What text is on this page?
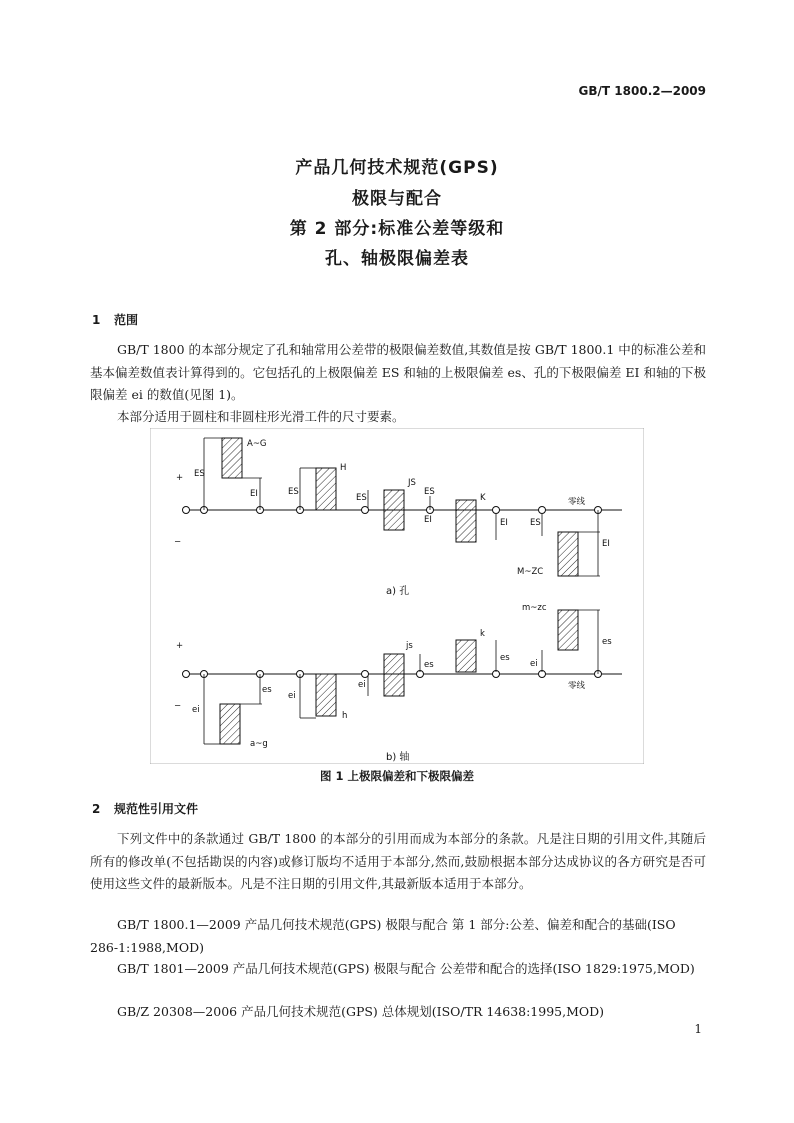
GB/T 1800.2—2009
产品几何技术规范(GPS)
极限与配合
第 2 部分:标准公差等级和
孔、轴极限偏差表
1 范围
GB/T 1800 的本部分规定了孔和轴常用公差带的极限偏差数值,其数值是按 GB/T 1800.1 中的标准公差和基本偏差数值表计算得到的。它包括孔的上极限偏差 ES 和轴的上极限偏差 es、孔的下极限偏差 EI 和轴的下极限偏差 ei 的数值(见图 1)。
本部分适用于圆柱和非圆柱形光滑工件的尺寸要素。
+
−
ES
A~G
EI	ES
H
ES
JS
ES
EI
K
EI	ES
EI
M~ZC
零线
a) 孔
+
− ei
es
a~g
ei
h
ei
js
es
k
es
ei
es
m~zc
零线
b) 轴
图 1 上极限偏差和下极限偏差
2 规范性引用文件
下列文件中的条款通过 GB/T 1800 的本部分的引用而成为本部分的条款。凡是注日期的引用文件,其随后所有的修改单(不包括勘误的内容)或修订版均不适用于本部分,然而,鼓励根据本部分达成协议的各方研究是否可使用这些文件的最新版本。凡是不注日期的引用文件,其最新版本适用于本部分。
GB/T 1800.1—2009 产品几何技术规范(GPS) 极限与配合 第 1 部分:公差、偏差和配合的基础(ISO 286-1:1988,MOD)
GB/T 1801—2009 产品几何技术规范(GPS) 极限与配合 公差带和配合的选择(ISO 1829:1975,MOD)
GB/Z 20308—2006 产品几何技术规范(GPS) 总体规划(ISO/TR 14638:1995,MOD)
1
